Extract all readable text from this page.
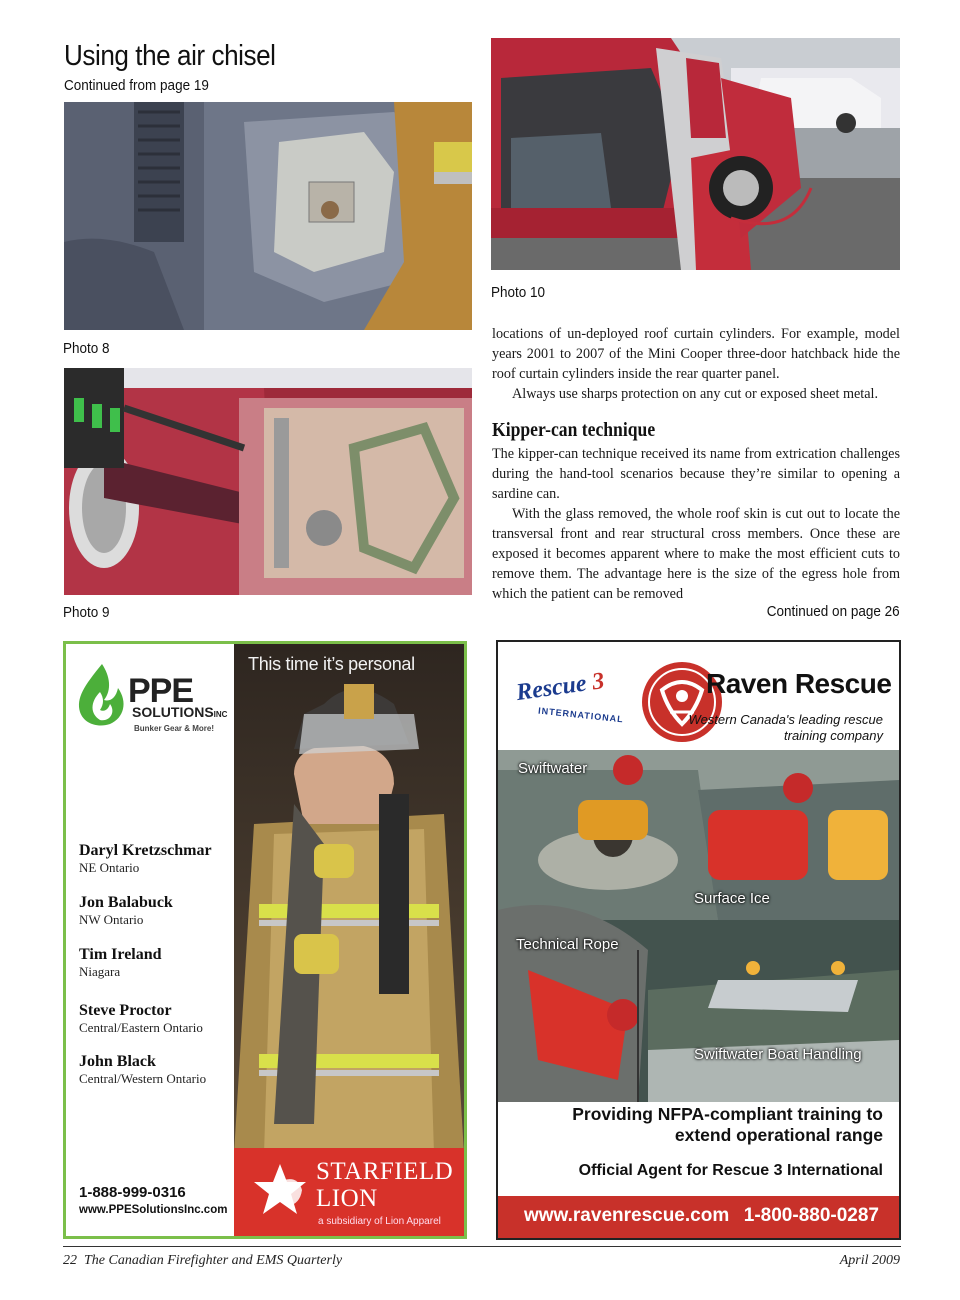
Using the air chisel
Continued from page 19
Photo 8
Photo 9
Photo 10

locations of un-deployed roof curtain cylinders. For example, model years 2001 to 2007 of the Mini Cooper three-door hatchback hide the roof curtain cylinders inside the rear quarter panel.

Always use sharps protection on any cut or exposed sheet metal.

Kipper-can technique

The kipper-can technique received its name from extrication challenges during the hand-tool scenarios because they’re similar to opening a sardine can.

With the glass removed, the whole roof skin is cut out to locate the transversal front and rear structural cross members. Once these are exposed it becomes apparent where to make the most efficient cuts to remove them. The advantage here is the size of the egress hole from which the patient can be removed

Continued on page 26
PPE
SOLUTIONSINC
Bunker Gear & More!
Daryl Kretzschmar
NE Ontario
Jon Balabuck
NW Ontario
Tim Ireland
Niagara
Steve Proctor
Central/Eastern Ontario
John Black
Central/Western Ontario
1-888-999-0316
www.PPESolutionsInc.com
This time it’s personal
STARFIELD
LION
a subsidiary of Lion Apparel
Rescue 3
INTERNATIONAL
Raven Rescue
Western Canada's leading rescue training company
Swiftwater
Surface Ice
Technical Rope
Swiftwater Boat Handling
Providing NFPA-compliant training to extend operational range
Official Agent for Rescue 3 International
www.ravenrescue.com 1-800-880-0287
22  The Canadian Firefighter and EMS Quarterly	April 2009
